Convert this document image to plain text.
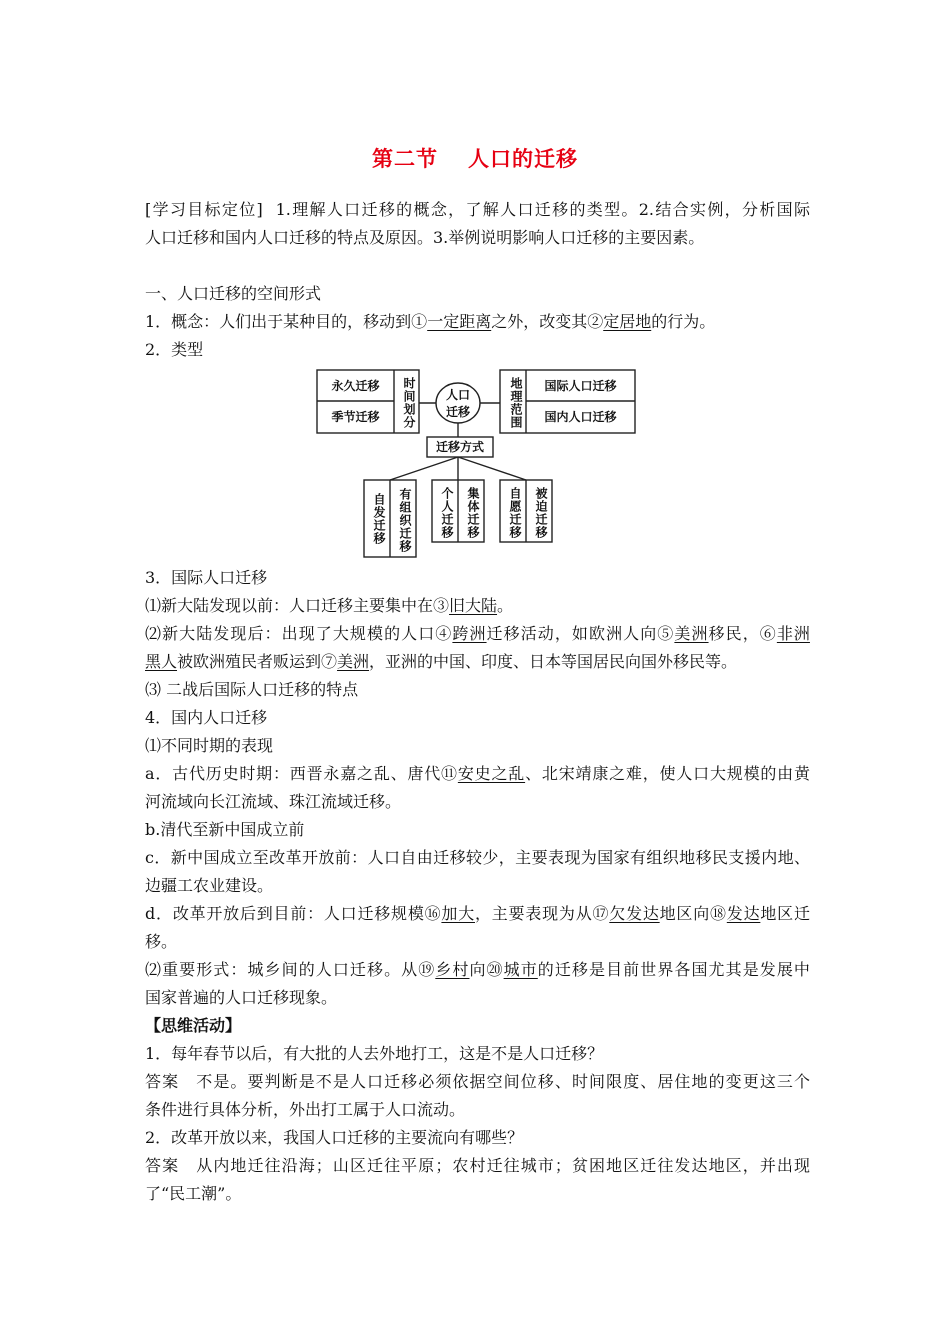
第二节 人口的迁移
[学习目标定位] 1.理解人口迁移的概念，了解人口迁移的类型。2.结合实例，分析国际
人口迁移和国内人口迁移的特点及原因。3.举例说明影响人口迁移的主要因素。
一、人口迁移的空间形式
1．概念：人们出于某种目的，移动到①一定距离之外，改变其②定居地的行为。
2．类型
永久迁移
季节迁移	时间划分	人口
迁移	地理范围	国际人口迁移
国内人口迁移
迁移方式
自发迁移	有组织迁移	个人迁移	集体迁移	自愿迁移	被迫迁移
3．国际人口迁移
⑴新大陆发现以前：人口迁移主要集中在③旧大陆。
⑵新大陆发现后：出现了大规模的人口④跨洲迁移活动，如欧洲人向⑤美洲移民，⑥非洲
黑人被欧洲殖民者贩运到⑦美洲，亚洲的中国、印度、日本等国居民向国外移民等。
⑶ 二战后国际人口迁移的特点
4．国内人口迁移
⑴不同时期的表现
a．古代历史时期：西晋永嘉之乱、唐代⑪安史之乱、北宋靖康之难，使人口大规模的由黄
河流域向长江流域、珠江流域迁移。
b.清代至新中国成立前
c．新中国成立至改革开放前：人口自由迁移较少，主要表现为国家有组织地移民支援内地、
边疆工农业建设。
d．改革开放后到目前：人口迁移规模⑯加大，主要表现为从⑰欠发达地区向⑱发达地区迁
移。
⑵重要形式：城乡间的人口迁移。从⑲乡村向⑳城市的迁移是目前世界各国尤其是发展中
国家普遍的人口迁移现象。
【思维活动】
1．每年春节以后，有大批的人去外地打工，这是不是人口迁移？
答案　不是。要判断是不是人口迁移必须依据空间位移、时间限度、居住地的变更这三个
条件进行具体分析，外出打工属于人口流动。
2．改革开放以来，我国人口迁移的主要流向有哪些？
答案　从内地迁往沿海；山区迁往平原；农村迁往城市；贫困地区迁往发达地区，并出现
了“民工潮”。
